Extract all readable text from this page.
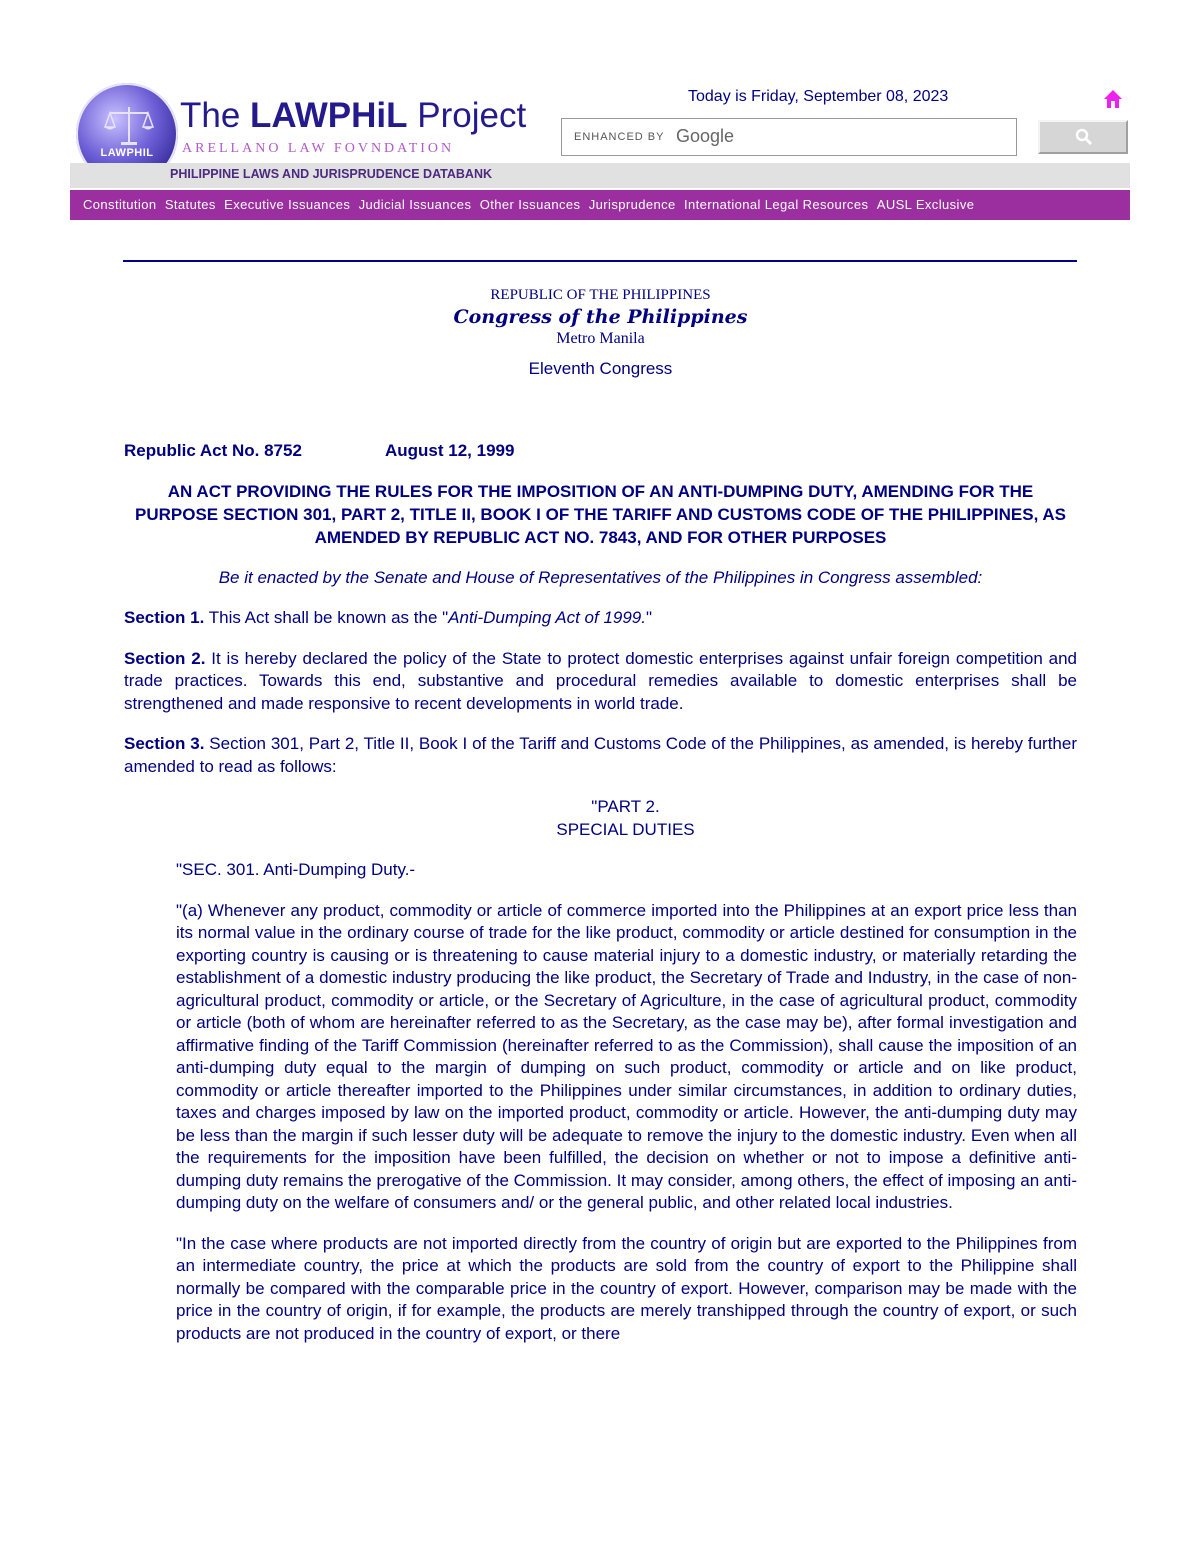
LAWPHIL
The LAWPHiL Project
ARELLANO LAW FOVNDATION
PHILIPPINE LAWS AND JURISPRUDENCE DATABANK
Today is Friday, September 08, 2023
ENHANCED BY Google
Constitution Statutes Executive Issuances Judicial Issuances Other Issuances Jurisprudence International Legal Resources AUSL Exclusive
REPUBLIC OF THE PHILIPPINES
Congress of the Philippines
Metro Manila
Eleventh Congress
Republic Act No. 8752	August 12, 1999
AN ACT PROVIDING THE RULES FOR THE IMPOSITION OF AN ANTI-DUMPING DUTY, AMENDING FOR THE PURPOSE SECTION 301, PART 2, TITLE II, BOOK I OF THE TARIFF AND CUSTOMS CODE OF THE PHILIPPINES, AS AMENDED BY REPUBLIC ACT NO. 7843, AND FOR OTHER PURPOSES
Be it enacted by the Senate and House of Representatives of the Philippines in Congress assembled:

Section 1. This Act shall be known as the "Anti-Dumping Act of 1999."

Section 2. It is hereby declared the policy of the State to protect domestic enterprises against unfair foreign competition and trade practices. Towards this end, substantive and procedural remedies available to domestic enterprises shall be strengthened and made responsive to recent developments in world trade.

Section 3. Section 301, Part 2, Title II, Book I of the Tariff and Customs Code of the Philippines, as amended, is hereby further amended to read as follows:

"PART 2.
SPECIAL DUTIES

"SEC. 301. Anti-Dumping Duty.-

"(a) Whenever any product, commodity or article of commerce imported into the Philippines at an export price less than its normal value in the ordinary course of trade for the like product, commodity or article destined for consumption in the exporting country is causing or is threatening to cause material injury to a domestic industry, or materially retarding the establishment of a domestic industry producing the like product, the Secretary of Trade and Industry, in the case of non-agricultural product, commodity or article, or the Secretary of Agriculture, in the case of agricultural product, commodity or article (both of whom are hereinafter referred to as the Secretary, as the case may be), after formal investigation and affirmative finding of the Tariff Commission (hereinafter referred to as the Commission), shall cause the imposition of an anti-dumping duty equal to the margin of dumping on such product, commodity or article and on like product, commodity or article thereafter imported to the Philippines under similar circumstances, in addition to ordinary duties, taxes and charges imposed by law on the imported product, commodity or article. However, the anti-dumping duty may be less than the margin if such lesser duty will be adequate to remove the injury to the domestic industry. Even when all the requirements for the imposition have been fulfilled, the decision on whether or not to impose a definitive anti-dumping duty remains the prerogative of the Commission. It may consider, among others, the effect of imposing an anti-dumping duty on the welfare of consumers and/ or the general public, and other related local industries.

"In the case where products are not imported directly from the country of origin but are exported to the Philippines from an intermediate country, the price at which the products are sold from the country of export to the Philippine shall normally be compared with the comparable price in the country of export. However, comparison may be made with the price in the country of origin, if for example, the products are merely transhipped through the country of export, or such products are not produced in the country of export, or there
